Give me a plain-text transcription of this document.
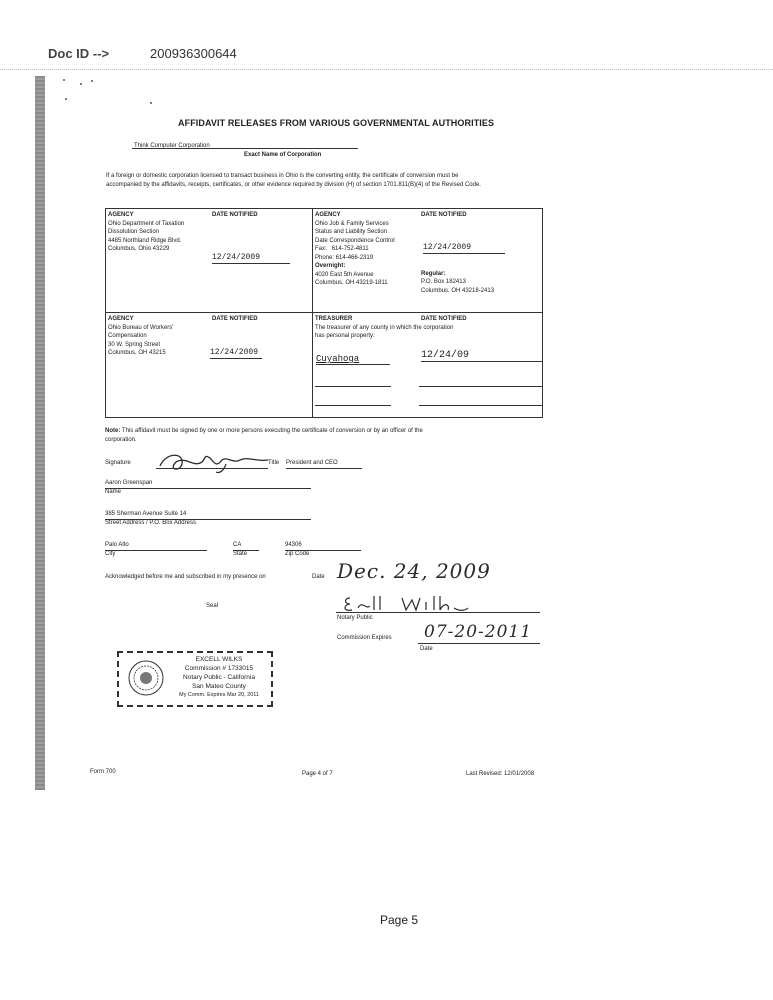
Doc ID -->	200936300644
AFFIDAVIT RELEASES FROM VARIOUS GOVERNMENTAL AUTHORITIES
Think Computer Corporation
Exact Name of Corporation
If a foreign or domestic corporation licensed to transact business in Ohio is the converting entity, the certificate of conversion must be accompanied by the affidavits, receipts, certificates, or other evidence required by division (H) of section 1701.811(B)(4) of the Revised Code.
AGENCY	DATE NOTIFIED
Ohio Department of Taxation
Dissolution Section
4485 Northland Ridge Blvd.
Columbus, Ohio 43229
12/24/2009
AGENCY	DATE NOTIFIED
Ohio Job & Family Services
Status and Liability Section
Date Correspondence Control
Fax: 614-752-4811
Phone: 614-466-2319
Overnight:
4020 East 5th Avenue
Columbus, OH 43219-1811
12/24/2009
Regular:
P.O. Box 182413
Columbus, OH 43218-2413
AGENCY	DATE NOTIFIED
Ohio Bureau of Workers'
Compensation
30 W. Spring Street
Columbus, OH 43215	12/24/2009
TREASURER	DATE NOTIFIED
The treasurer of any county in which the corporation
has personal property:
Cuyahoga	12/24/09
Note: This affidavit must be signed by one or more persons executing the certificate of conversion or by an officer of the corporation.
Signature	Title President and CEO
Aaron Greenspan
Name
385 Sherman Avenue Suite 14
Street Address / P.O. Box Address
Palo Alto
City
CA
State
94306
Zip Code
Acknowledged before me and subscribed in my presence on	Date Dec. 24, 2009
Seal
Notary Public
Commission Expires 07-20-2011
Date
EXCELL WILKS
Commission # 1733015
Notary Public - California
San Mateo County
My Comm. Expires Mar 20, 2011
Form 700	Page 4 of 7	Last Revised: 12/01/2008
Page 5
